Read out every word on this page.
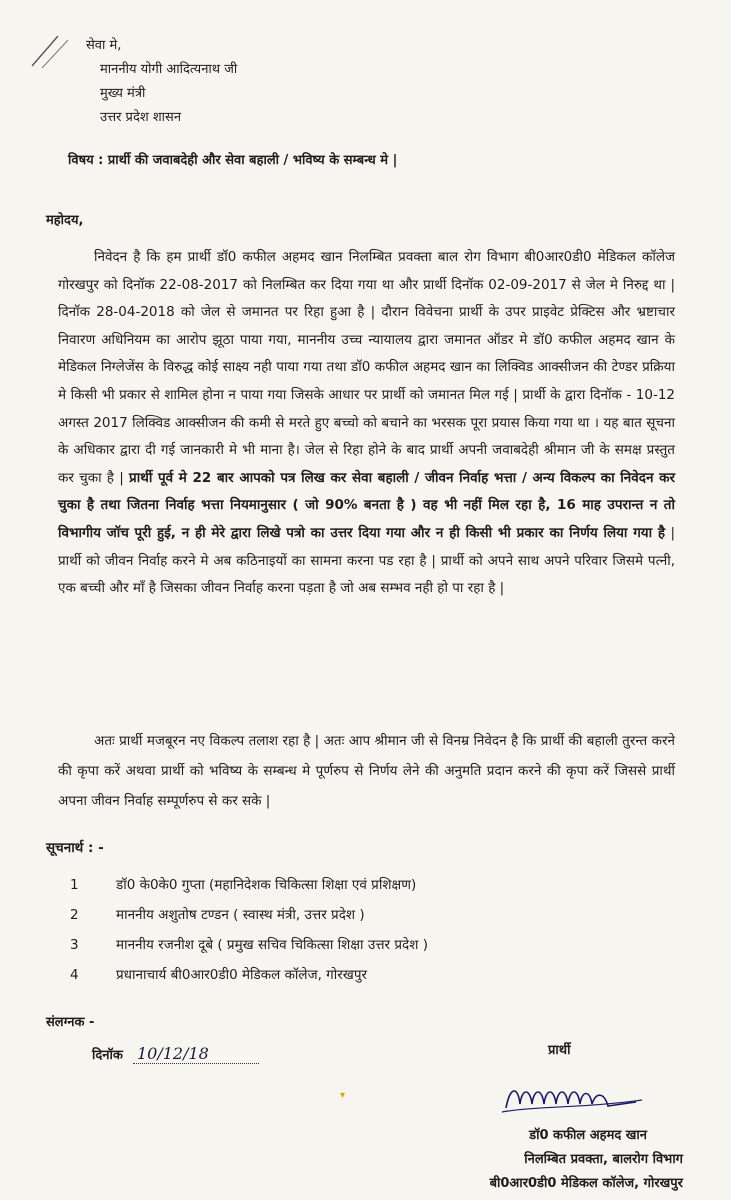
सेवा मे,
माननीय योगी आदित्यनाथ जी
मुख्य मंत्री
उत्तर प्रदेश शासन
विषय : प्रार्थी की जवाबदेही और सेवा बहाली / भविष्य के सम्बन्ध मे |
महोदय,
निवेदन है कि हम प्रार्थी डॉ0 कफील अहमद खान निलम्बित प्रवक्ता बाल रोग विभाग बी0आर0डी0 मेडिकल कॉलेज गोरखपुर को दिनॉक 22-08-2017 को निलम्बित कर दिया गया था और प्रार्थी दिनॉक 02-09-2017 से जेल मे निरुद्द था | दिनॉक 28-04-2018 को जेल से जमानत पर रिहा हुआ है | दौरान विवेचना प्रार्थी के उपर प्राइवेट प्रेक्टिस और भ्रष्टाचार निवारण अधिनियम का आरोप झूठा पाया गया, माननीय उच्च न्यायालय द्वारा जमानत ऑडर मे डॉ0 कफील अहमद खान के मेडिकल निग्लेजेंस के विरुद्ध कोई साक्ष्य नही पाया गया तथा डॉ0 कफील अहमद खान का लिक्विड आक्सीजन की टेण्डर प्रक्रिया मे किसी भी प्रकार से शामिल होना न पाया गया जिसके आधार पर प्रार्थी को जमानत मिल गई | प्रार्थी के द्वारा दिनॉक - 10-12 अगस्त 2017 लिक्विड आक्सीजन की कमी से मरते हुए बच्चो को बचाने का भरसक पूरा प्रयास किया गया था । यह बात सूचना के अधिकार द्वारा दी गई जानकारी मे भी माना है। जेल से रिहा होने के बाद प्रार्थी अपनी जवाबदेही श्रीमान जी के समक्ष प्रस्तुत कर चुका है | प्रार्थी पूर्व मे 22 बार आपको पत्र लिख कर सेवा बहाली / जीवन निर्वाह भत्ता / अन्य विकल्प का निवेदन कर चुका है तथा जितना निर्वाह भत्ता नियमानुसार ( जो 90% बनता है ) वह भी नहीं मिल रहा है, 16 माह उपरान्त न तो विभागीय जॉच पूरी हुई, न ही मेरे द्वारा लिखे पत्रो का उत्तर दिया गया और न ही किसी भी प्रकार का निर्णय लिया गया है | प्रार्थी को जीवन निर्वाह करने मे अब कठिनाइयों का सामना करना पड रहा है | प्रार्थी को अपने साथ अपने परिवार जिसमे पत्नी, एक बच्ची और माँ है जिसका जीवन निर्वाह करना पड़ता है जो अब सम्भव नही हो पा रहा है |
अतः प्रार्थी मजबूरन नए विकल्प तलाश रहा है | अतः आप श्रीमान जी से विनम्र निवेदन है कि प्रार्थी की बहाली तुरन्त करने की कृपा करें अथवा प्रार्थी को भविष्य के सम्बन्ध मे पूर्णरुप से निर्णय लेने की अनुमति प्रदान करने की कृपा करें जिससे प्रार्थी अपना जीवन निर्वाह सम्पूर्णरुप से कर सके |
सूचनार्थ : -
1	डॉ0 के0के0 गुप्ता (महानिदेशक चिकित्सा शिक्षा एवं प्रशिक्षण)
2	माननीय अशुतोष टण्डन ( स्वास्थ मंत्री, उत्तर प्रदेश )
3	माननीय रजनीश दूबे ( प्रमुख सचिव चिकित्सा शिक्षा उत्तर प्रदेश )
4	प्रधानाचार्य बी0आर0डी0 मेडिकल कॉलेज, गोरखपुर
संलग्नक -
दिनॉक 10/12/18	प्रार्थी
▾
डॉ0 कफील अहमद खान
निलम्बित प्रवक्ता, बालरोग विभाग
बी0आर0डी0 मेडिकल कॉलेज, गोरखपुर
